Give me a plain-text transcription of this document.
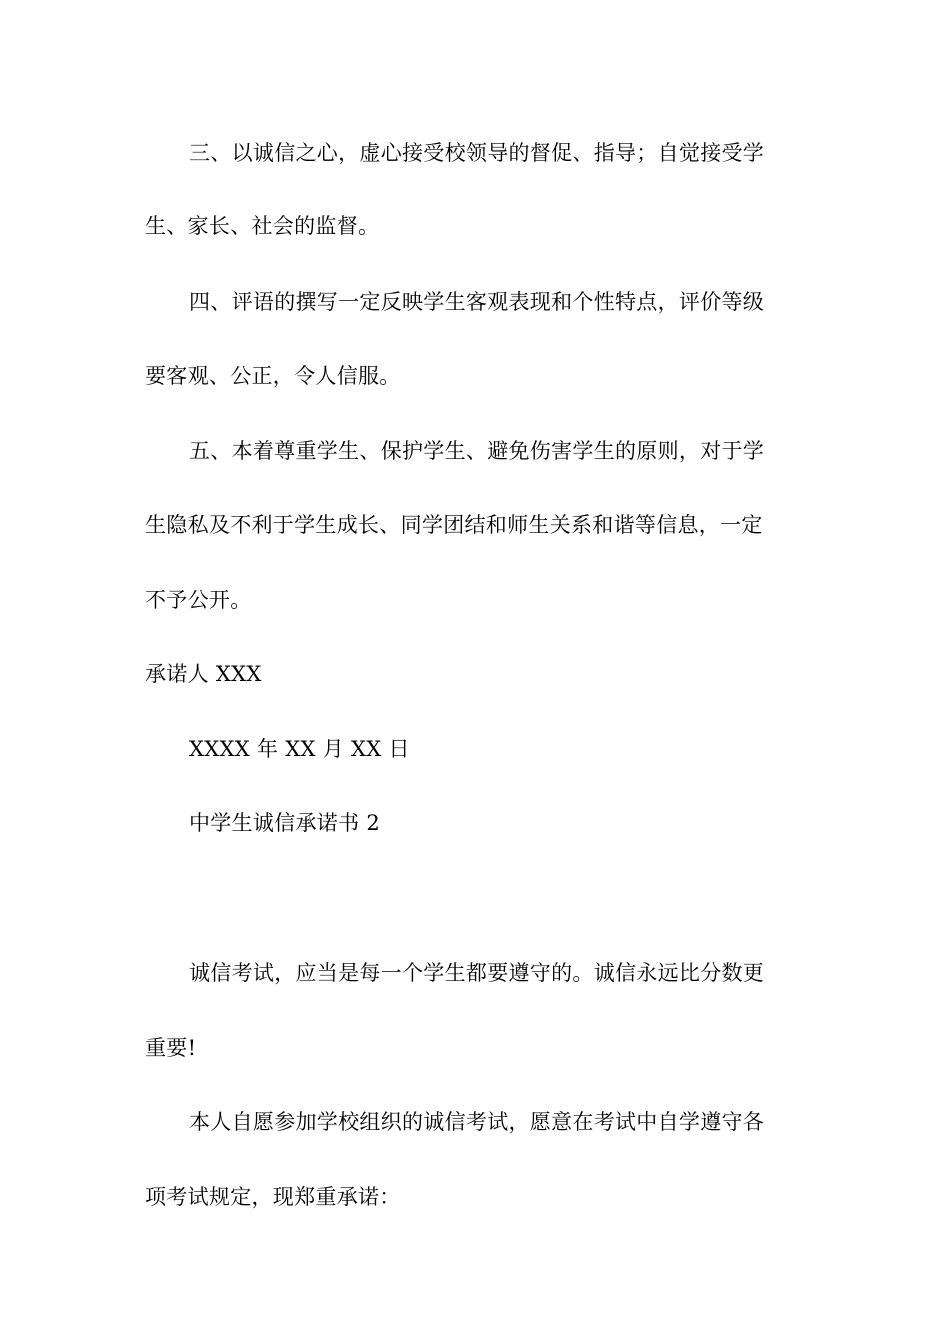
三、以诚信之心，虚心接受校领导的督促、指导；自觉接受学
生、家长、社会的监督。
四、评语的撰写一定反映学生客观表现和个性特点，评价等级
要客观、公正，令人信服。
五、本着尊重学生、保护学生、避免伤害学生的原则，对于学
生隐私及不利于学生成长、同学团结和师生关系和谐等信息，一定
不予公开。
承诺人 XXX
XXXX 年 XX 月 XX 日
中学生诚信承诺书 2
诚信考试，应当是每一个学生都要遵守的。诚信永远比分数更
重要!
本人自愿参加学校组织的诚信考试，愿意在考试中自学遵守各
项考试规定，现郑重承诺：
